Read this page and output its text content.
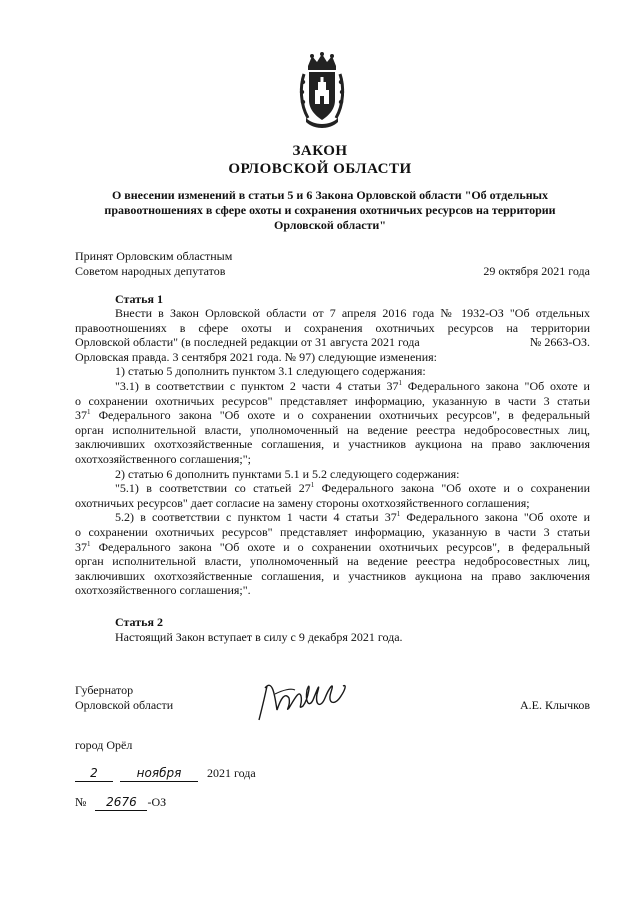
ЗАКОН
ОРЛОВСКОЙ ОБЛАСТИ
О внесении изменений в статьи 5 и 6 Закона Орловской области "Об отдельных
правоотношениях в сфере охоты и сохранения охотничьих ресурсов на территории
Орловской области"
Принят Орловским областным
Советом народных депутатов	29 октября 2021 года
Статья 1
Внести в Закон Орловской области от 7 апреля 2016 года № 1932-ОЗ "Об отдельных
правоотношениях в сфере охоты и сохранения охотничьих ресурсов на территории
Орловской области" (в последней редакции от 31 августа 2021 года	№ 2663-ОЗ.
Орловская правда. 3 сентября 2021 года. № 97) следующие изменения:
1) статью 5 дополнить пунктом 3.1 следующего содержания:
"3.1) в соответствии с пунктом 2 части 4 статьи $37^1$ Федерального закона "Об охоте и
о сохранении охотничьих ресурсов" представляет информацию, указанную в части 3 статьи
$37^1$ Федерального закона "Об охоте и о сохранении охотничьих ресурсов", в федеральный
орган исполнительной власти, уполномоченный на ведение реестра недобросовестных лиц,
заключивших охотхозяйственные соглашения, и участников аукциона на право заключения
охотхозяйственного соглашения;";
2) статью 6 дополнить пунктами 5.1 и 5.2 следующего содержания:
"5.1) в соответствии со статьей $27^1$ Федерального закона "Об охоте и о сохранении
охотничьих ресурсов" дает согласие на замену стороны охотхозяйственного соглашения;
5.2) в соответствии с пунктом 1 части 4 статьи $37^1$ Федерального закона "Об охоте и
о сохранении охотничьих ресурсов" представляет информацию, указанную в части 3 статьи
$37^1$ Федерального закона "Об охоте и о сохранении охотничьих ресурсов", в федеральный
орган исполнительной власти, уполномоченный на ведение реестра недобросовестных лиц,
заключивших охотхозяйственные соглашения, и участников аукциона на право заключения
охотхозяйственного соглашения;".
Статья 2
Настоящий Закон вступает в силу с 9 декабря 2021 года.
Губернатор
Орловской области	А.Е. Клычков
город Орёл
2	ноября 2021 года
№ 2676 -ОЗ
